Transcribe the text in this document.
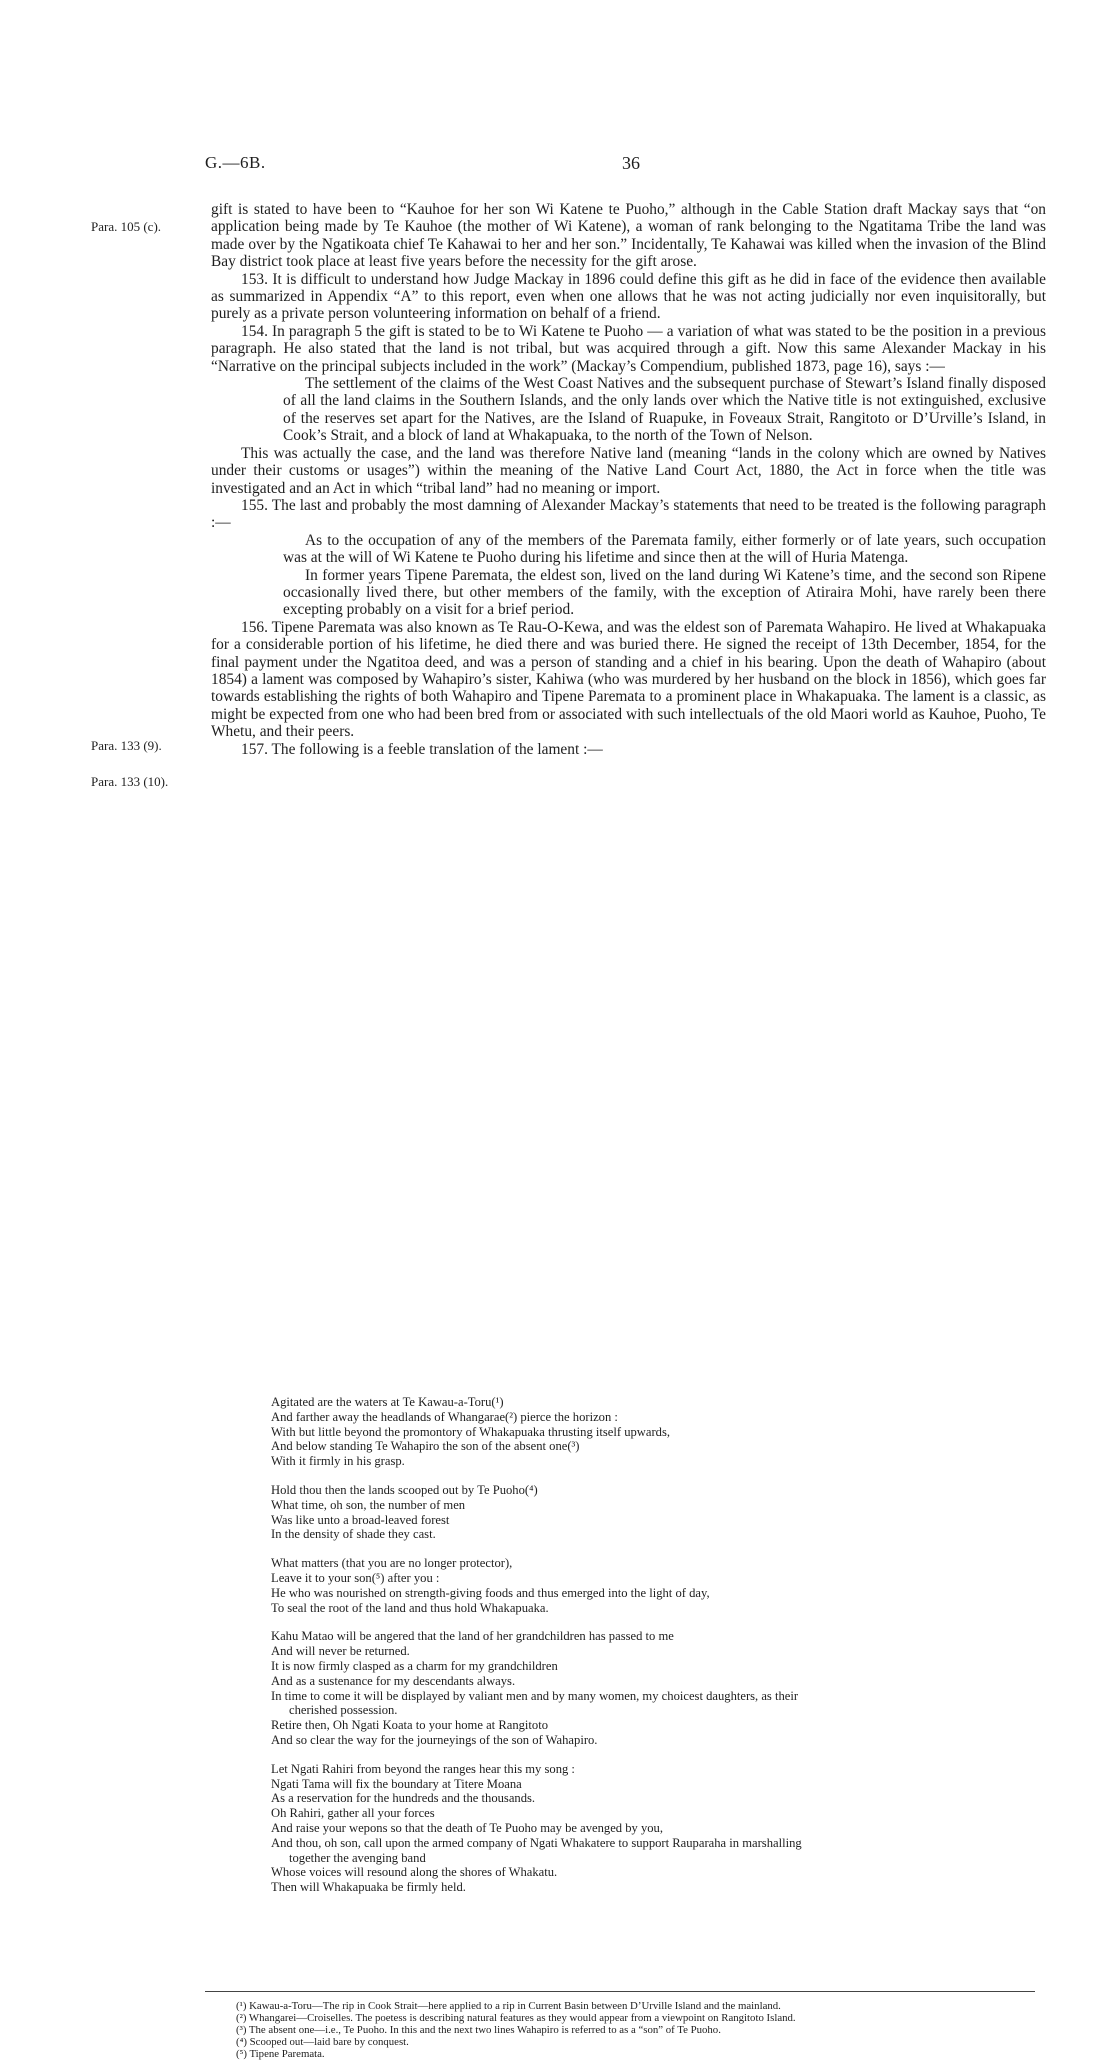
G.—6B.	36
Para. 105 (c).
Para. 133 (9).
Para. 133 (10).

gift is stated to have been to “Kauhoe for her son Wi Katene te Puoho,” although in the Cable Station draft Mackay says that “on application being made by Te Kauhoe (the mother of Wi Katene), a woman of rank belonging to the Ngatitama Tribe the land was made over by the Ngatikoata chief Te Kahawai to her and her son.” Incidentally, Te Kahawai was killed when the invasion of the Blind Bay district took place at least five years before the necessity for the gift arose.

153. It is difficult to understand how Judge Mackay in 1896 could define this gift as he did in face of the evidence then available as summarized in Appendix “A” to this report, even when one allows that he was not acting judicially nor even inquisitorally, but purely as a private person volunteering information on behalf of a friend.

154. In paragraph 5 the gift is stated to be to Wi Katene te Puoho — a variation of what was stated to be the position in a previous paragraph. He also stated that the land is not tribal, but was acquired through a gift. Now this same Alexander Mackay in his “Narrative on the principal subjects included in the work” (Mackay’s Compendium, published 1873, page 16), says :—

The settlement of the claims of the West Coast Natives and the subsequent purchase of Stewart’s Island finally disposed of all the land claims in the Southern Islands, and the only lands over which the Native title is not extinguished, exclusive of the reserves set apart for the Natives, are the Island of Ruapuke, in Foveaux Strait, Rangitoto or D’Urville’s Island, in Cook’s Strait, and a block of land at Whakapuaka, to the north of the Town of Nelson.

This was actually the case, and the land was therefore Native land (meaning “lands in the colony which are owned by Natives under their customs or usages”) within the meaning of the Native Land Court Act, 1880, the Act in force when the title was investigated and an Act in which “tribal land” had no meaning or import.

155. The last and probably the most damning of Alexander Mackay’s statements that need to be treated is the following paragraph :—

As to the occupation of any of the members of the Paremata family, either formerly or of late years, such occupation was at the will of Wi Katene te Puoho during his lifetime and since then at the will of Huria Matenga.

In former years Tipene Paremata, the eldest son, lived on the land during Wi Katene’s time, and the second son Ripene occasionally lived there, but other members of the family, with the exception of Atiraira Mohi, have rarely been there excepting probably on a visit for a brief period.

156. Tipene Paremata was also known as Te Rau-O-Kewa, and was the eldest son of Paremata Wahapiro. He lived at Whakapuaka for a considerable portion of his lifetime, he died there and was buried there. He signed the receipt of 13th December, 1854, for the final payment under the Ngatitoa deed, and was a person of standing and a chief in his bearing. Upon the death of Wahapiro (about 1854) a lament was composed by Wahapiro’s sister, Kahiwa (who was murdered by her husband on the block in 1856), which goes far towards establishing the rights of both Wahapiro and Tipene Paremata to a prominent place in Whakapuaka. The lament is a classic, as might be expected from one who had been bred from or associated with such intellectuals of the old Maori world as Kauhoe, Puoho, Te Whetu, and their peers.

157. The following is a feeble translation of the lament :—

Agitated are the waters at Te Kawau-a-Toru(¹)
And farther away the headlands of Whangarae(²) pierce the horizon :
With but little beyond the promontory of Whakapuaka thrusting itself upwards,
And below standing Te Wahapiro the son of the absent one(³)
With it firmly in his grasp.
Hold thou then the lands scooped out by Te Puoho(⁴)
What time, oh son, the number of men
Was like unto a broad-leaved forest
In the density of shade they cast.
What matters (that you are no longer protector),
Leave it to your son(⁵) after you :
He who was nourished on strength-giving foods and thus emerged into the light of day,
To seal the root of the land and thus hold Whakapuaka.
Kahu Matao will be angered that the land of her grandchildren has passed to me
And will never be returned.
It is now firmly clasped as a charm for my grandchildren
And as a sustenance for my descendants always.
In time to come it will be displayed by valiant men and by many women, my choicest daughters, as their
cherished possession.
Retire then, Oh Ngati Koata to your home at Rangitoto
And so clear the way for the journeyings of the son of Wahapiro.
Let Ngati Rahiri from beyond the ranges hear this my song :
Ngati Tama will fix the boundary at Titere Moana
As a reservation for the hundreds and the thousands.
Oh Rahiri, gather all your forces
And raise your wepons so that the death of Te Puoho may be avenged by you,
And thou, oh son, call upon the armed company of Ngati Whakatere to support Rauparaha in marshalling
together the avenging band
Whose voices will resound along the shores of Whakatu.
Then will Whakapuaka be firmly held.
(¹) Kawau-a-Toru—The rip in Cook Strait—here applied to a rip in Current Basin between D’Urville Island and the mainland.
(²) Whangarei—Croiselles. The poetess is describing natural features as they would appear from a viewpoint on Rangitoto Island.
(³) The absent one—i.e., Te Puoho. In this and the next two lines Wahapiro is referred to as a “son” of Te Puoho.
(⁴) Scooped out—laid bare by conquest.
(⁵) Tipene Paremata.
